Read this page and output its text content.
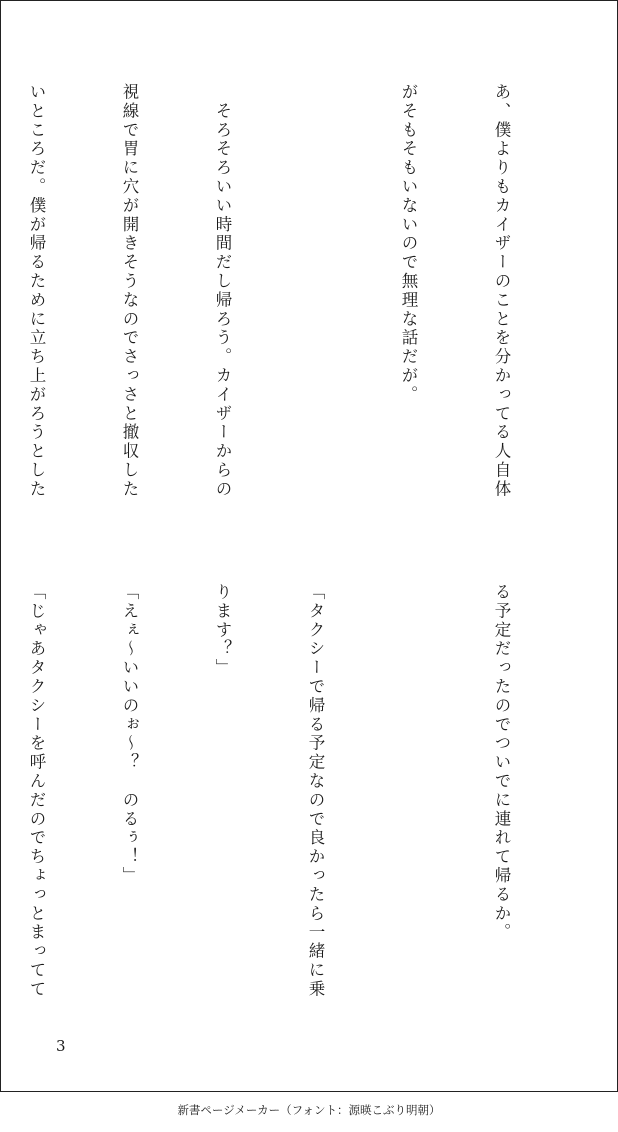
あ、僕よりもカイザーのことを分かってる人自体

がそもそもいないので無理な話だが。

　そろそろいい時間だし帰ろう。カイザーからの

視線で胃に穴が開きそうなのでさっさと撤収した

いところだ。僕が帰るために立ち上がろうとした

る予定だったのでついでに連れて帰るか。

「タクシーで帰る予定なので良かったら一緒に乗

ります？」

「えぇ〜いいのぉ〜？　のるぅ！」

「じゃあタクシーを呼んだのでちょっとまってて

3
新書ページメーカー（フォント：源暎こぶり明朝）
